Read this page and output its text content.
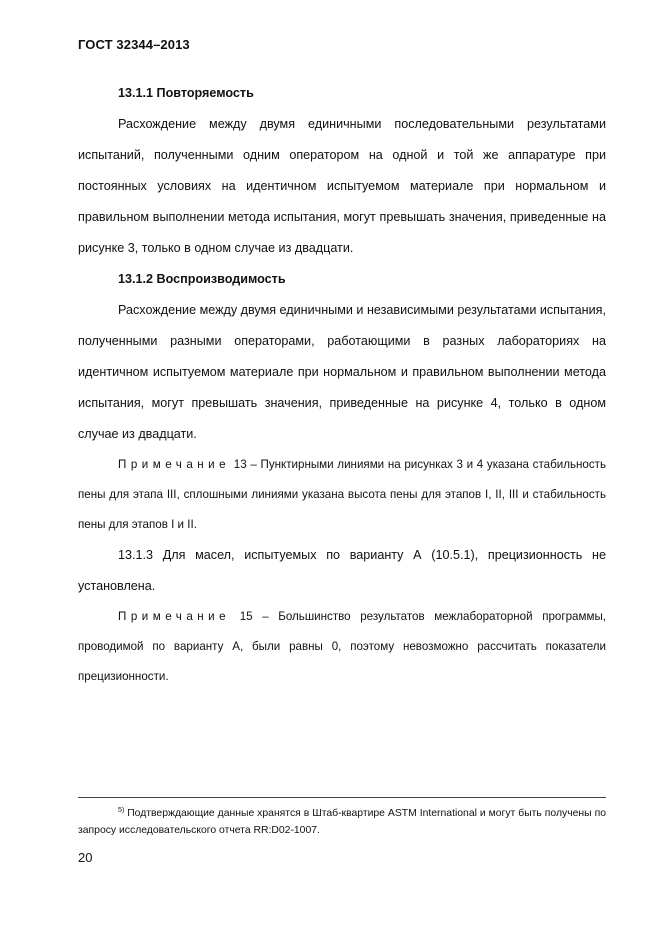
ГОСТ 32344–2013

13.1.1 Повторяемость

Расхождение между двумя единичными последовательными результатами испытаний, полученными одним оператором на одной и той же аппаратуре при постоянных условиях на идентичном испытуемом материале при нормальном и правильном выполнении метода испытания, могут превышать значения, приведенные на рисунке 3, только в одном случае из двадцати.

13.1.2 Воспроизводимость

Расхождение между двумя единичными и независимыми результатами испытания, полученными разными операторами, работающими в разных лабораториях на идентичном испытуемом материале при нормальном и правильном выполнении метода испытания, могут превышать значения, приведенные на рисунке 4, только в одном случае из двадцати.

Примечание 13 – Пунктирными линиями на рисунках 3 и 4 указана стабильность пены для этапа III, сплошными линиями указана высота пены для этапов I, II, III и стабильность пены для этапов I и II.

13.1.3 Для масел, испытуемых по варианту А (10.5.1), прецизионность не установлена.

Примечание 15 – Большинство результатов межлабораторной программы, проводимой по варианту А, были равны 0, поэтому невозможно рассчитать показатели прецизионности.

$^{5)}$ Подтверждающие данные хранятся в Штаб-квартире ASTM International и могут быть получены по запросу исследовательского отчета RR:D02-1007.

20
